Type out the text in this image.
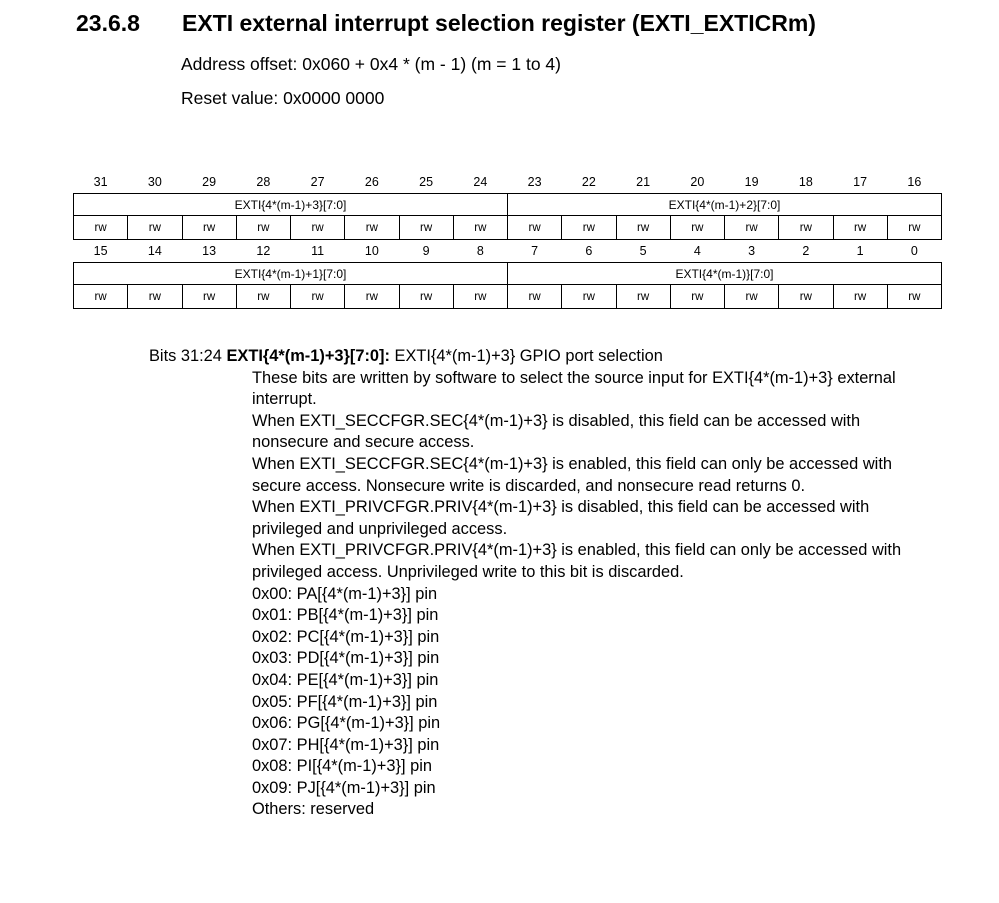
23.6.8 EXTI external interrupt selection register (EXTI_EXTICRm)
Address offset: 0x060 + 0x4 * (m - 1) (m = 1 to 4)
Reset value: 0x0000 0000
31	30	29	28	27	26	25	24	23	22	21	20	19	18	17	16
EXTI{4*(m-1)+3}[7:0]								EXTI{4*(m-1)+2}[7:0]							
rw	rw	rw	rw	rw	rw	rw	rw	rw	rw	rw	rw	rw	rw	rw	rw
15	14	13	12	11	10	9	8	7	6	5	4	3	2	1	0
EXTI{4*(m-1)+1}[7:0]								EXTI{4*(m-1)}[7:0]							
rw	rw	rw	rw	rw	rw	rw	rw	rw	rw	rw	rw	rw	rw	rw	rw
Bits 31:24 EXTI{4*(m-1)+3}[7:0]: EXTI{4*(m-1)+3} GPIO port selection
These bits are written by software to select the source input for EXTI{4*(m-1)+3} external interrupt.
When EXTI_SECCFGR.SEC{4*(m-1)+3} is disabled, this field can be accessed with nonsecure and secure access.
When EXTI_SECCFGR.SEC{4*(m-1)+3} is enabled, this field can only be accessed with secure access. Nonsecure write is discarded, and nonsecure read returns 0.
When EXTI_PRIVCFGR.PRIV{4*(m-1)+3} is disabled, this field can be accessed with privileged and unprivileged access.
When EXTI_PRIVCFGR.PRIV{4*(m-1)+3} is enabled, this field can only be accessed with privileged access. Unprivileged write to this bit is discarded.
0x00: PA[{4*(m-1)+3}] pin
0x01: PB[{4*(m-1)+3}] pin
0x02: PC[{4*(m-1)+3}] pin
0x03: PD[{4*(m-1)+3}] pin
0x04: PE[{4*(m-1)+3}] pin
0x05: PF[{4*(m-1)+3}] pin
0x06: PG[{4*(m-1)+3}] pin
0x07: PH[{4*(m-1)+3}] pin
0x08: PI[{4*(m-1)+3}] pin
0x09: PJ[{4*(m-1)+3}] pin
Others: reserved
